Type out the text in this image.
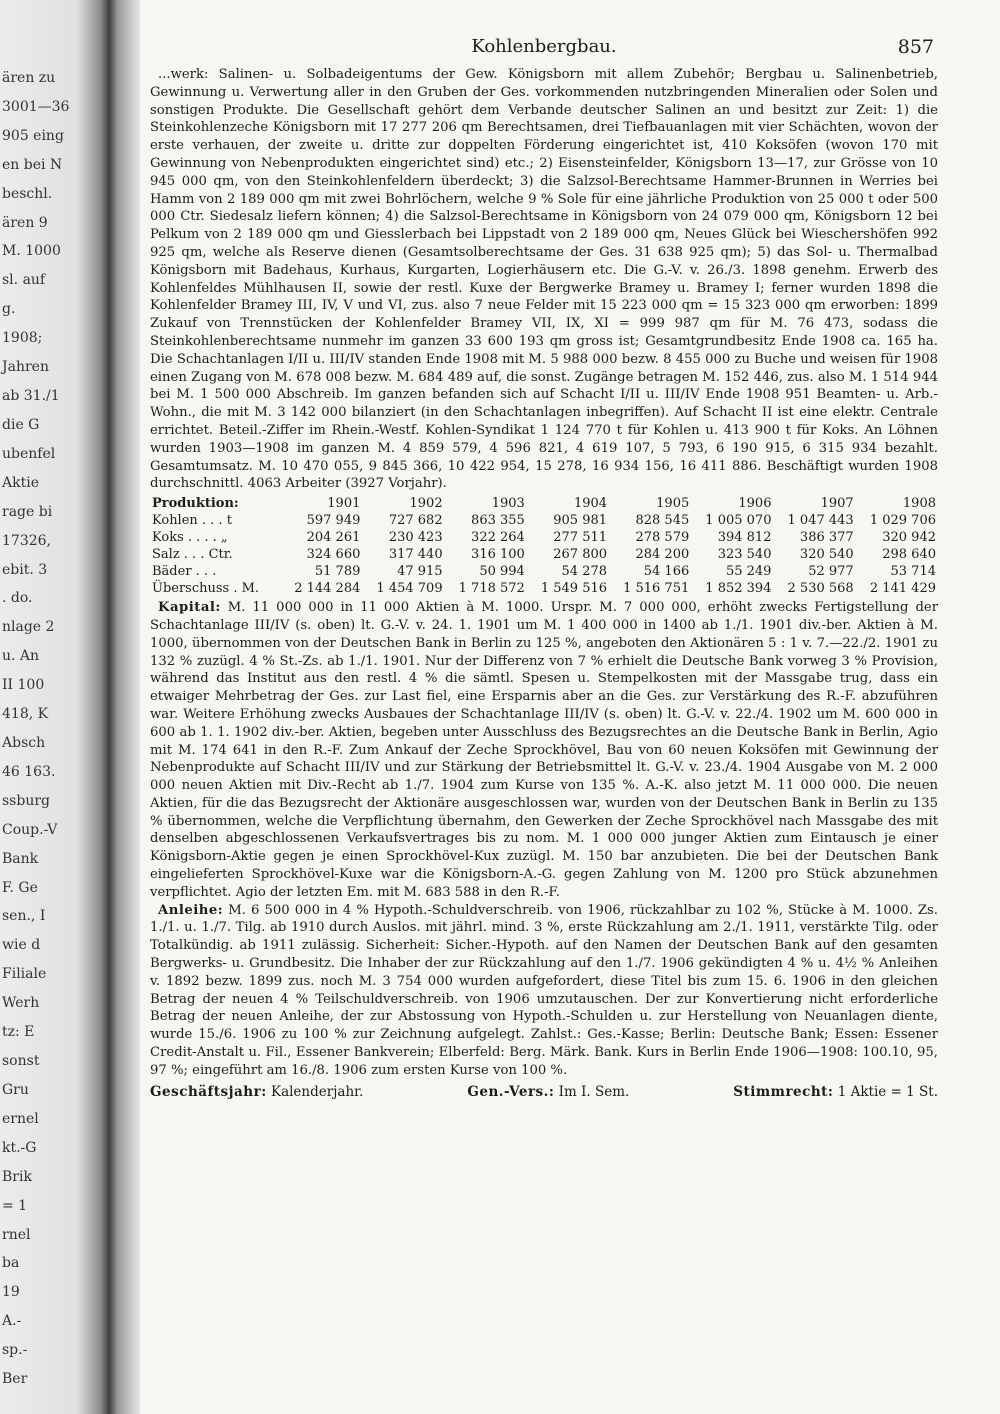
ären zu
3001—36
905 eing
en bei N
beschl.
ären 9
M. 1000
sl. auf
g.
1908;
Jahren
ab 31./1
die G
ubenfel
Aktie
rage bi
17326,
ebit. 3
. do.
nlage 2
u. An
II 100
418, K
Absch
46 163.
ssburg
Coup.-V
Bank
F. Ge
sen., I
wie d
Filiale
Werh
tz: E
sonst
Gru
ernel
kt.-G
Brik
= 1
rnel
ba
19
A.-
sp.-
Ber
Kohlenbergbau.	857

...werk: Salinen- u. Solbadeigentums der Gew. Königsborn mit allem Zubehör; Bergbau u. Salinenbetrieb, Gewinnung u. Verwertung aller in den Gruben der Ges. vorkommenden nutzbringenden Mineralien oder Solen und sonstigen Produkte. Die Gesellschaft gehört dem Verbande deutscher Salinen an und besitzt zur Zeit: 1) die Steinkohlenzeche Königsborn mit 17 277 206 qm Berechtsamen, drei Tiefbauanlagen mit vier Schächten, wovon der erste verhauen, der zweite u. dritte zur doppelten Förderung eingerichtet ist, 410 Koksöfen (wovon 170 mit Gewinnung von Nebenprodukten eingerichtet sind) etc.; 2) Eisensteinfelder, Königsborn 13—17, zur Grösse von 10 945 000 qm, von den Steinkohlenfeldern überdeckt; 3) die Salzsol-Berechtsame Hammer-Brunnen in Werries bei Hamm von 2 189 000 qm mit zwei Bohrlöchern, welche 9 % Sole für eine jährliche Produktion von 25 000 t oder 500 000 Ctr. Siedesalz liefern können; 4) die Salzsol-Berechtsame in Königsborn von 24 079 000 qm, Königsborn 12 bei Pelkum von 2 189 000 qm und Giesslerbach bei Lippstadt von 2 189 000 qm, Neues Glück bei Wieschershöfen 992 925 qm, welche als Reserve dienen (Gesamtsolberechtsame der Ges. 31 638 925 qm); 5) das Sol- u. Thermalbad Königsborn mit Badehaus, Kurhaus, Kurgarten, Logierhäusern etc. Die G.-V. v. 26./3. 1898 genehm. Erwerb des Kohlenfeldes Mühlhausen II, sowie der restl. Kuxe der Bergwerke Bramey u. Bramey I; ferner wurden 1898 die Kohlenfelder Bramey III, IV, V und VI, zus. also 7 neue Felder mit 15 223 000 qm = 15 323 000 qm erworben: 1899 Zukauf von Trennstücken der Kohlenfelder Bramey VII, IX, XI = 999 987 qm für M. 76 473, sodass die Steinkohlenberechtsame nunmehr im ganzen 33 600 193 qm gross ist; Gesamtgrundbesitz Ende 1908 ca. 165 ha. Die Schachtanlagen I/II u. III/IV standen Ende 1908 mit M. 5 988 000 bezw. 8 455 000 zu Buche und weisen für 1908 einen Zugang von M. 678 008 bezw. M. 684 489 auf, die sonst. Zugänge betragen M. 152 446, zus. also M. 1 514 944 bei M. 1 500 000 Abschreib. Im ganzen befanden sich auf Schacht I/II u. III/IV Ende 1908 951 Beamten- u. Arb.-Wohn., die mit M. 3 142 000 bilanziert (in den Schachtanlagen inbegriffen). Auf Schacht II ist eine elektr. Centrale errichtet. Beteil.-Ziffer im Rhein.-Westf. Kohlen-Syndikat 1 124 770 t für Kohlen u. 413 900 t für Koks. An Löhnen wurden 1903—1908 im ganzen M. 4 859 579, 4 596 821, 4 619 107, 5 793, 6 190 915, 6 315 934 bezahlt. Gesamtumsatz. M. 10 470 055, 9 845 366, 10 422 954, 15 278, 16 934 156, 16 411 886. Beschäftigt wurden 1908 durchschnittl. 4063 Arbeiter (3927 Vorjahr).

Produktion:	1901	1902	1903	1904	1905	1906	1907	1908
Kohlen . . . t	597 949	727 682	863 355	905 981	828 545	1 005 070	1 047 443	1 029 706
Koks . . . . „	204 261	230 423	322 264	277 511	278 579	394 812	386 377	320 942
Salz . . . Ctr.	324 660	317 440	316 100	267 800	284 200	323 540	320 540	298 640
Bäder . . .	51 789	47 915	50 994	54 278	54 166	55 249	52 977	53 714
Überschuss . M.	2 144 284	1 454 709	1 718 572	1 549 516	1 516 751	1 852 394	2 530 568	2 141 429

Kapital: M. 11 000 000 in 11 000 Aktien à M. 1000. Urspr. M. 7 000 000, erhöht zwecks Fertigstellung der Schachtanlage III/IV (s. oben) lt. G.-V. v. 24. 1. 1901 um M. 1 400 000 in 1400 ab 1./1. 1901 div.-ber. Aktien à M. 1000, übernommen von der Deutschen Bank in Berlin zu 125 %, angeboten den Aktionären 5 : 1 v. 7.—22./2. 1901 zu 132 % zuzügl. 4 % St.-Zs. ab 1./1. 1901. Nur der Differenz von 7 % erhielt die Deutsche Bank vorweg 3 % Provision, während das Institut aus den restl. 4 % die sämtl. Spesen u. Stempelkosten mit der Massgabe trug, dass ein etwaiger Mehrbetrag der Ges. zur Last fiel, eine Ersparnis aber an die Ges. zur Verstärkung des R.-F. abzuführen war. Weitere Erhöhung zwecks Ausbaues der Schachtanlage III/IV (s. oben) lt. G.-V. v. 22./4. 1902 um M. 600 000 in 600 ab 1. 1. 1902 div.-ber. Aktien, begeben unter Ausschluss des Bezugsrechtes an die Deutsche Bank in Berlin, Agio mit M. 174 641 in den R.-F. Zum Ankauf der Zeche Sprockhövel, Bau von 60 neuen Koksöfen mit Gewinnung der Nebenprodukte auf Schacht III/IV und zur Stärkung der Betriebsmittel lt. G.-V. v. 23./4. 1904 Ausgabe von M. 2 000 000 neuen Aktien mit Div.-Recht ab 1./7. 1904 zum Kurse von 135 %. A.-K. also jetzt M. 11 000 000. Die neuen Aktien, für die das Bezugsrecht der Aktionäre ausgeschlossen war, wurden von der Deutschen Bank in Berlin zu 135 % übernommen, welche die Verpflichtung übernahm, den Gewerken der Zeche Sprockhövel nach Massgabe des mit denselben abgeschlossenen Verkaufsvertrages bis zu nom. M. 1 000 000 junger Aktien zum Eintausch je einer Königsborn-Aktie gegen je einen Sprockhövel-Kux zuzügl. M. 150 bar anzubieten. Die bei der Deutschen Bank eingelieferten Sprockhövel-Kuxe war die Königsborn-A.-G. gegen Zahlung von M. 1200 pro Stück abzunehmen verpflichtet. Agio der letzten Em. mit M. 683 588 in den R.-F.

Anleihe: M. 6 500 000 in 4 % Hypoth.-Schuldverschreib. von 1906, rückzahlbar zu 102 %, Stücke à M. 1000. Zs. 1./1. u. 1./7. Tilg. ab 1910 durch Auslos. mit jährl. mind. 3 %, erste Rückzahlung am 2./1. 1911, verstärkte Tilg. oder Totalkündig. ab 1911 zulässig. Sicherheit: Sicher.-Hypoth. auf den Namen der Deutschen Bank auf den gesamten Bergwerks- u. Grundbesitz. Die Inhaber der zur Rückzahlung auf den 1./7. 1906 gekündigten 4 % u. 4½ % Anleihen v. 1892 bezw. 1899 zus. noch M. 3 754 000 wurden aufgefordert, diese Titel bis zum 15. 6. 1906 in den gleichen Betrag der neuen 4 % Teilschuldverschreib. von 1906 umzutauschen. Der zur Konvertierung nicht erforderliche Betrag der neuen Anleihe, der zur Abstossung von Hypoth.-Schulden u. zur Herstellung von Neuanlagen diente, wurde 15./6. 1906 zu 100 % zur Zeichnung aufgelegt. Zahlst.: Ges.-Kasse; Berlin: Deutsche Bank; Essen: Essener Credit-Anstalt u. Fil., Essener Bankverein; Elberfeld: Berg. Märk. Bank. Kurs in Berlin Ende 1906—1908: 100.10, 95, 97 %; eingeführt am 16./8. 1906 zum ersten Kurse von 100 %.

Geschäftsjahr: Kalenderjahr.	Gen.-Vers.: Im I. Sem.	Stimmrecht: 1 Aktie = 1 St.
